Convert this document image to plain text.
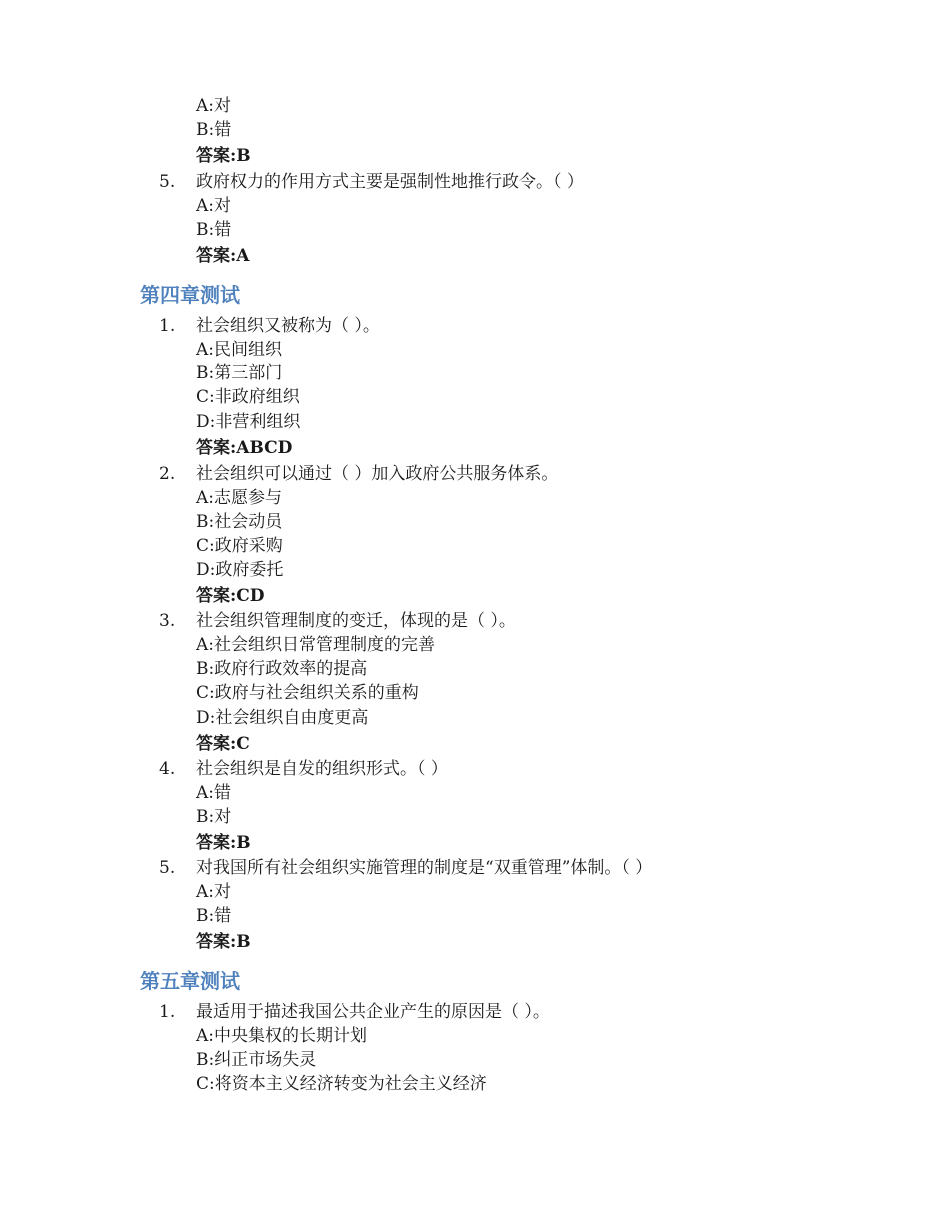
A:对
B:错
答案:B
5. 政府权力的作用方式主要是强制性地推行政令。（ ）
A:对
B:错
答案:A
第四章测试
1. 社会组织又被称为（ ）。
A:民间组织
B:第三部门
C:非政府组织
D:非营利组织
答案:ABCD
2. 社会组织可以通过（ ）加入政府公共服务体系。
A:志愿参与
B:社会动员
C:政府采购
D:政府委托
答案:CD
3. 社会组织管理制度的变迁，体现的是（ ）。
A:社会组织日常管理制度的完善
B:政府行政效率的提高
C:政府与社会组织关系的重构
D:社会组织自由度更高
答案:C
4. 社会组织是自发的组织形式。（ ）
A:错
B:对
答案:B
5. 对我国所有社会组织实施管理的制度是“双重管理”体制。（ ）
A:对
B:错
答案:B
第五章测试
1. 最适用于描述我国公共企业产生的原因是（ ）。
A:中央集权的长期计划
B:纠正市场失灵
C:将资本主义经济转变为社会主义经济
